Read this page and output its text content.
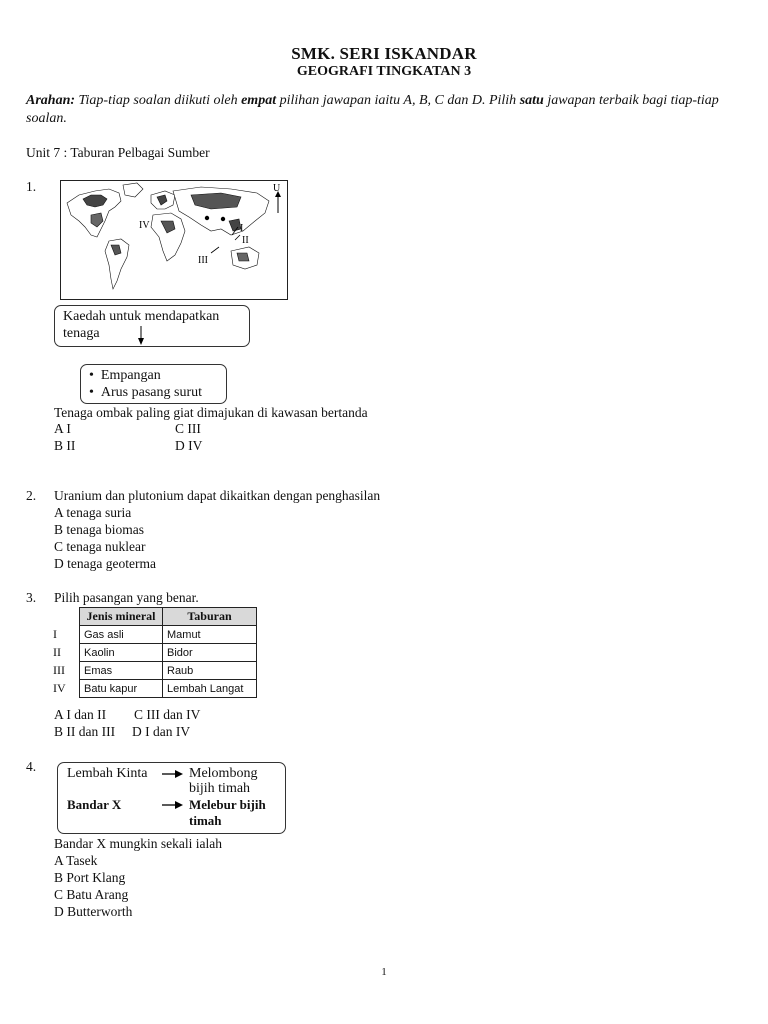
SMK. SERI ISKANDAR
GEOGRAFI TINGKATAN 3
Arahan: Tiap-tiap soalan diikuti oleh empat pilihan jawapan iaitu A, B, C dan D. Pilih satu jawapan terbaik bagi tiap-tiap soalan.
Unit 7 : Taburan Pelbagai Sumber
1.	U
I
II
III
IV
Kaedah untuk mendapatkan
tenaga
•  Empangan
•  Arus pasang surut
Tenaga ombak paling giat dimajukan di kawasan bertanda
A I	C III
B II	D IV
2. Uranium dan plutonium dapat dikaitkan dengan penghasilan
A tenaga suria
B tenaga biomas
C tenaga nuklear
D tenaga geoterma
3. Pilih pasangan yang benar.
	Jenis mineral	Taburan
I	Gas asli	Mamut
II	Kaolin	Bidor
III	Emas	Raub
IV	Batu kapur	Lembah Langat
A I dan II C III dan IV
B II dan III D I dan IV
4. Lembah Kinta	Melombong
bijih timah
Bandar X	Melebur bijih
timah
Bandar X mungkin sekali ialah
A Tasek
B Port Klang
C Batu Arang
D Butterworth
1
